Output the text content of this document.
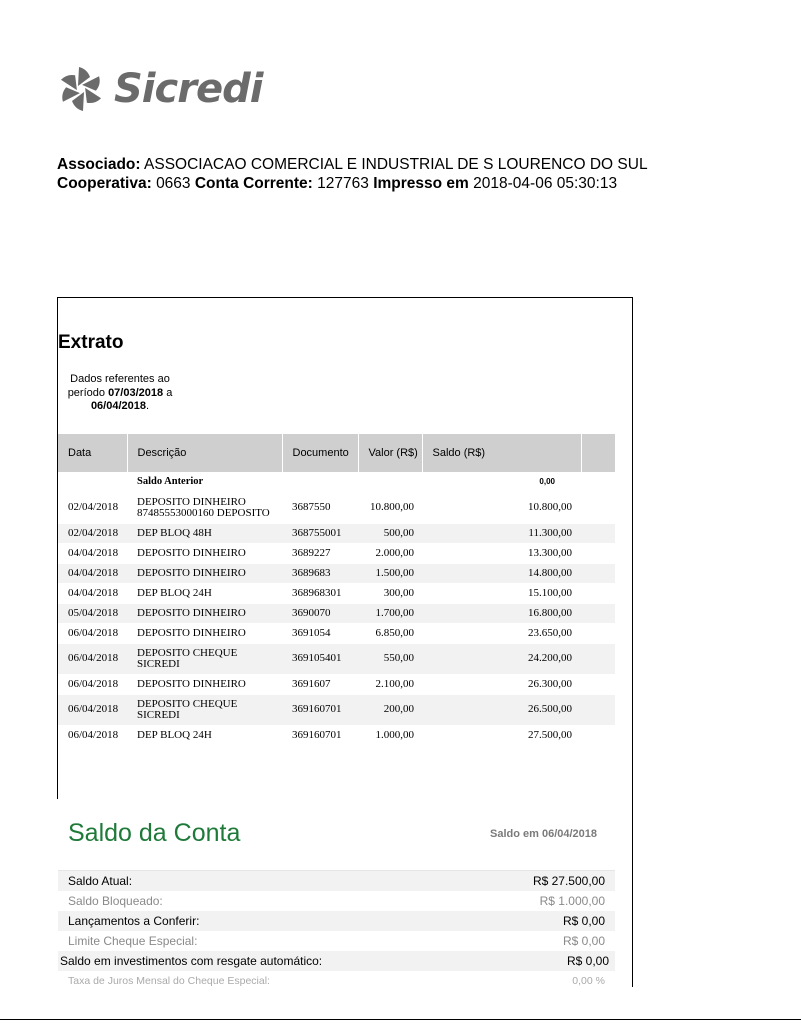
Sicredi
Associado: ASSOCIACAO COMERCIAL E INDUSTRIAL DE S LOURENCO DO SUL
Cooperativa: 0663 Conta Corrente: 127763 Impresso em 2018-04-06 05:30:13
Extrato
Dados referentes ao período 07/03/2018 a 06/04/2018.
Data	Descrição	Documento	Valor (R$)	Saldo (R$)	
	Saldo Anterior			0,00	
02/04/2018	DEPOSITO DINHEIRO 87485553000160 DEPOSITO	3687550	10.800,00	10.800,00	
02/04/2018	DEP BLOQ 48H	368755001	500,00	11.300,00	
04/04/2018	DEPOSITO DINHEIRO	3689227	2.000,00	13.300,00	
04/04/2018	DEPOSITO DINHEIRO	3689683	1.500,00	14.800,00	
04/04/2018	DEP BLOQ 24H	368968301	300,00	15.100,00	
05/04/2018	DEPOSITO DINHEIRO	3690070	1.700,00	16.800,00	
06/04/2018	DEPOSITO DINHEIRO	3691054	6.850,00	23.650,00	
06/04/2018	DEPOSITO CHEQUE SICREDI	369105401	550,00	24.200,00	
06/04/2018	DEPOSITO DINHEIRO	3691607	2.100,00	26.300,00	
06/04/2018	DEPOSITO CHEQUE SICREDI	369160701	200,00	26.500,00	
06/04/2018	DEP BLOQ 24H	369160701	1.000,00	27.500,00	
Saldo da Conta	Saldo em 06/04/2018
Saldo Atual:	R$ 27.500,00
Saldo Bloqueado:	R$ 1.000,00
Lançamentos a Conferir:	R$ 0,00
Limite Cheque Especial:	R$ 0,00
Saldo em investimentos com resgate automático:	R$ 0,00
Taxa de Juros Mensal do Cheque Especial:	0,00 %
